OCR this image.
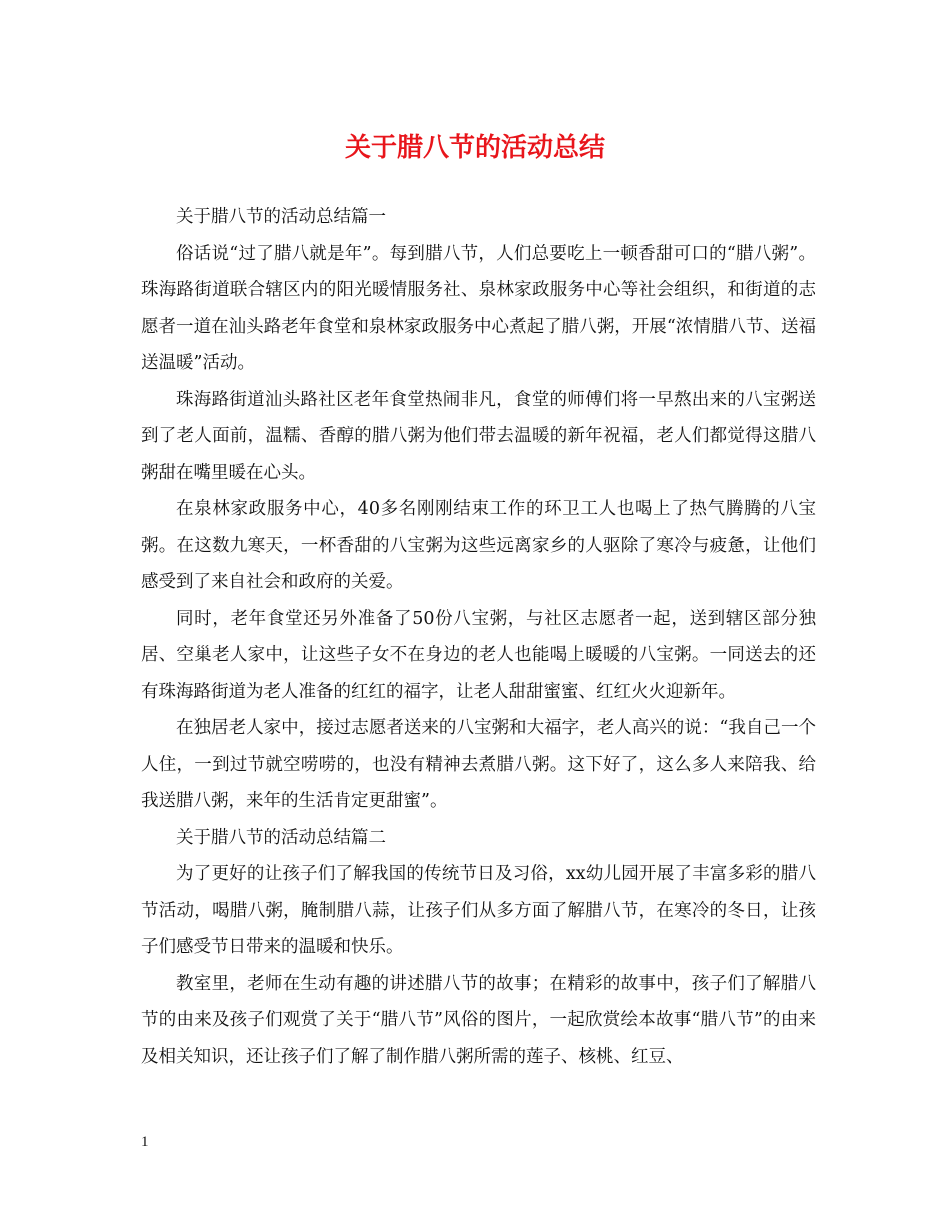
关于腊八节的活动总结

关于腊八节的活动总结篇一

俗话说“过了腊八就是年”。每到腊八节，人们总要吃上一顿香甜可口的“腊八粥”。珠海路街道联合辖区内的阳光暖情服务社、泉林家政服务中心等社会组织，和街道的志愿者一道在汕头路老年食堂和泉林家政服务中心煮起了腊八粥，开展“浓情腊八节、送福送温暖”活动。

珠海路街道汕头路社区老年食堂热闹非凡，食堂的师傅们将一早熬出来的八宝粥送到了老人面前，温糯、香醇的腊八粥为他们带去温暖的新年祝福，老人们都觉得这腊八粥甜在嘴里暖在心头。

在泉林家政服务中心，40多名刚刚结束工作的环卫工人也喝上了热气腾腾的八宝粥。在这数九寒天，一杯香甜的八宝粥为这些远离家乡的人驱除了寒冷与疲惫，让他们感受到了来自社会和政府的关爱。

同时，老年食堂还另外准备了50份八宝粥，与社区志愿者一起，送到辖区部分独居、空巢老人家中，让这些子女不在身边的老人也能喝上暖暖的八宝粥。一同送去的还有珠海路街道为老人准备的红红的福字，让老人甜甜蜜蜜、红红火火迎新年。

在独居老人家中，接过志愿者送来的八宝粥和大福字，老人高兴的说：“我自己一个人住，一到过节就空唠唠的，也没有精神去煮腊八粥。这下好了，这么多人来陪我、给我送腊八粥，来年的生活肯定更甜蜜”。

关于腊八节的活动总结篇二

为了更好的让孩子们了解我国的传统节日及习俗，xx幼儿园开展了丰富多彩的腊八节活动，喝腊八粥，腌制腊八蒜，让孩子们从多方面了解腊八节，在寒冷的冬日，让孩子们感受节日带来的温暖和快乐。

教室里，老师在生动有趣的讲述腊八节的故事；在精彩的故事中，孩子们了解腊八节的由来及孩子们观赏了关于“腊八节”风俗的图片，一起欣赏绘本故事“腊八节”的由来及相关知识，还让孩子们了解了制作腊八粥所需的莲子、核桃、红豆、

1
